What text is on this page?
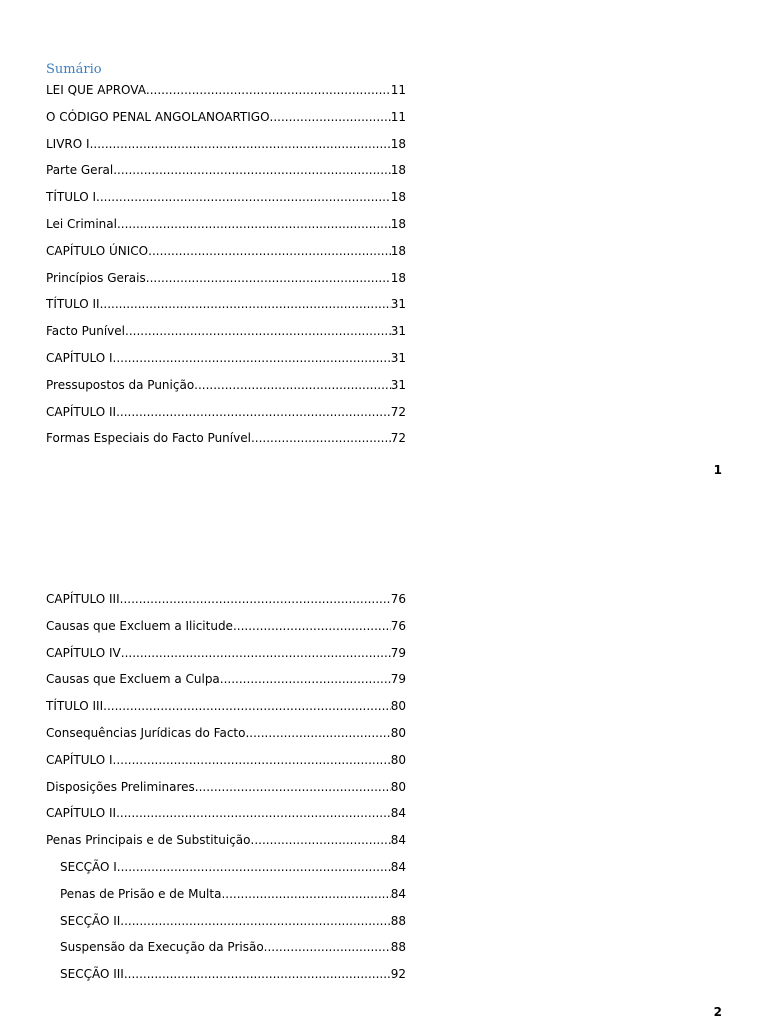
Sumário
LEI QUE APROVA .....	11
O CÓDIGO PENAL ANGOLANOARTIGO .....	11
LIVRO I .....	18
Parte Geral .....	18
TÍTULO I .....	18
Lei Criminal .....	18
CAPÍTULO ÚNICO .....	18
Princípios Gerais .....	18
TÍTULO II .....	31
Facto Punível .....	31
CAPÍTULO I .....	31
Pressupostos da Punição .....	31
CAPÍTULO II .....	72
Formas Especiais do Facto Punível .....	72

1

CAPÍTULO III .....	76
Causas que Excluem a Ilicitude .....	76
CAPÍTULO IV .....	79
Causas que Excluem a Culpa .....	79
TÍTULO III .....	80
Consequências Jurídicas do Facto .....	80
CAPÍTULO I .....	80
Disposições Preliminares .....	80
CAPÍTULO II .....	84
Penas Principais e de Substituição .....	84
SECÇÃO I .....	84
Penas de Prisão e de Multa .....	84
SECÇÃO II .....	88
Suspensão da Execução da Prisão .....	88
SECÇÃO III .....	92

2
